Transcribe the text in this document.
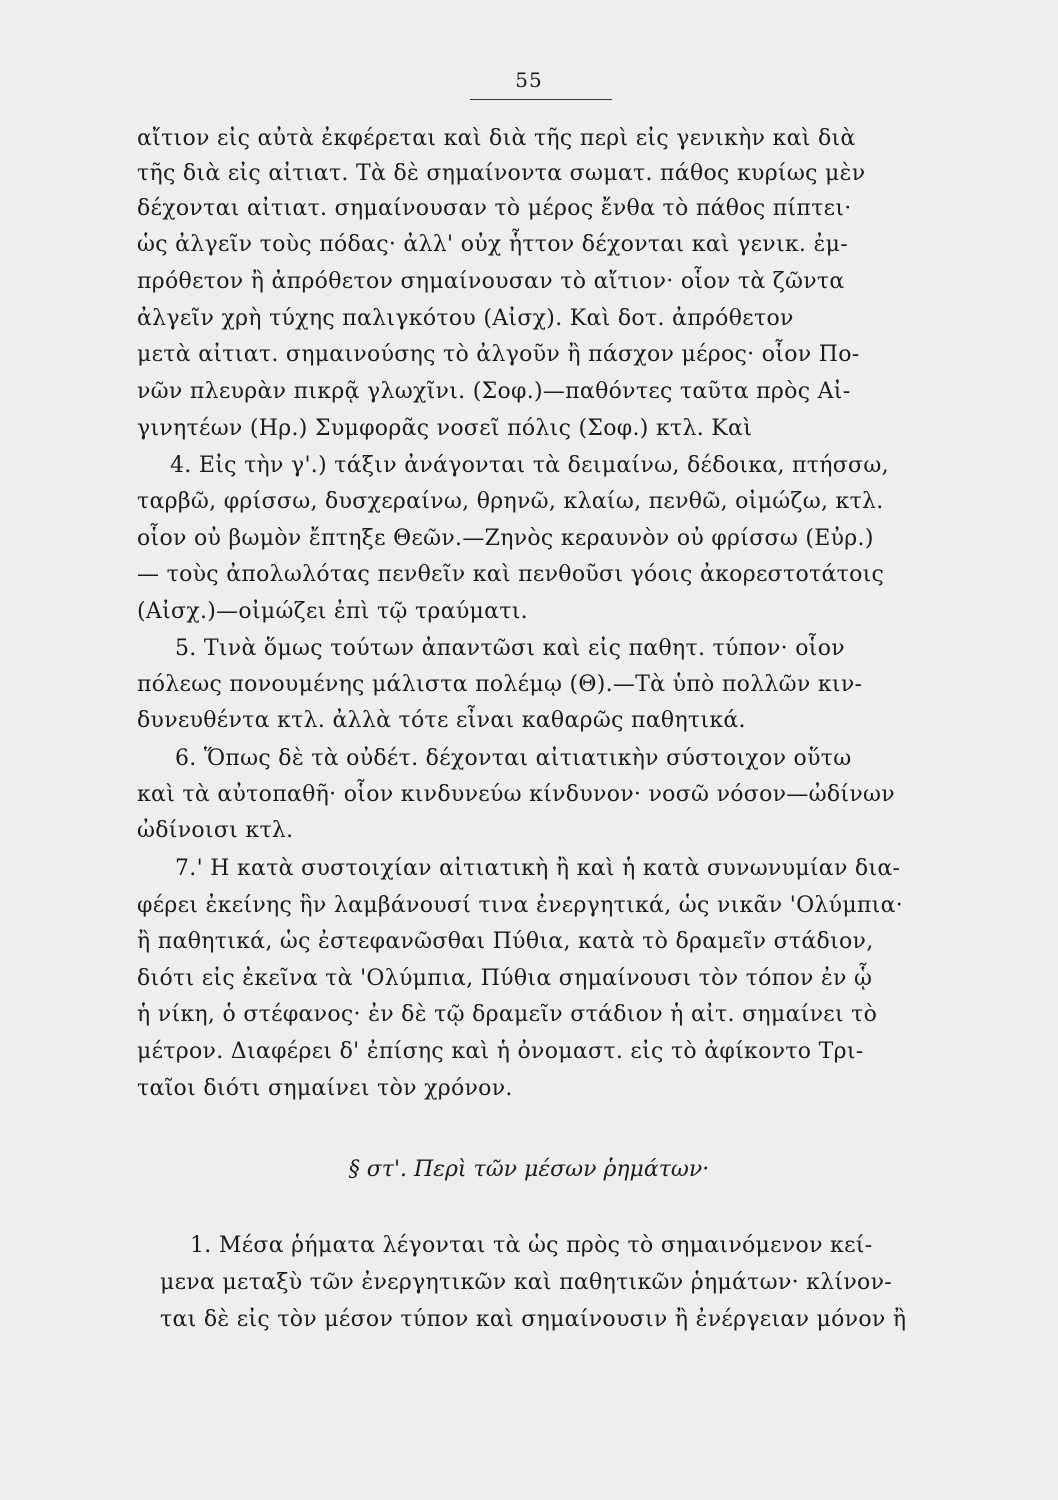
55
αἴτιον εἰς αὐτὰ ἐκφέρεται καὶ διὰ τῆς περὶ εἰς γενικὴν καὶ διὰ
τῆς διὰ εἰς αἰτιατ. Τὰ δὲ σημαίνοντα σωματ. πάθος κυρίως μὲν
δέχονται αἰτιατ. σημαίνουσαν τὸ μέρος ἔνθα τὸ πάθος πίπτει·
ὡς ἀλγεῖν τοὺς πόδας· ἀλλ' οὐχ ἧττον δέχονται καὶ γενικ. ἐμ-
πρόθετον ἢ ἀπρόθετον σημαίνουσαν τὸ αἴτιον· οἷον τὰ ζῶντα
ἀλγεῖν χρὴ τύχης παλιγκότου (Αἰσχ). Καὶ δοτ. ἀπρόθετον
μετὰ αἰτιατ. σημαινούσης τὸ ἀλγοῦν ἢ πάσχον μέρος· οἷον Πο-
νῶν πλευρὰν πικρᾷ γλωχῖνι. (Σοφ.)—παθόντες ταῦτα πρὸς Αἰ-
γινητέων (Ηρ.) Συμφορᾶς νοσεῖ πόλις (Σοφ.) κτλ. Καὶ
4. Εἰς τὴν γ'.) τάξιν ἀνάγονται τὰ δειμαίνω, δέδοικα, πτήσσω,
ταρβῶ, φρίσσω, δυσχεραίνω, θρηνῶ, κλαίω, πενθῶ, οἰμώζω, κτλ.
οἷον οὐ βωμὸν ἔπτηξε Θεῶν.—Ζηνὸς κεραυνὸν οὐ φρίσσω (Εὐρ.)
— τοὺς ἀπολωλότας πενθεῖν καὶ πενθοῦσι γόοις ἀκορεστοτάτοις
(Αἰσχ.)—οἰμώζει ἐπὶ τῷ τραύματι.
5. Τινὰ ὅμως τούτων ἀπαντῶσι καὶ εἰς παθητ. τύπον· οἷον
πόλεως πονουμένης μάλιστα πολέμῳ (Θ).—Τὰ ὑπὸ πολλῶν κιν-
δυνευθέντα κτλ. ἀλλὰ τότε εἶναι καθαρῶς παθητικά.
6. Ὅπως δὲ τὰ οὐδέτ. δέχονται αἰτιατικὴν σύστοιχον οὕτω
καὶ τὰ αὐτοπαθῆ· οἷον κινδυνεύω κίνδυνον· νοσῶ νόσον—ὠδίνων
ὠδίνοισι κτλ.
7.' Η κατὰ συστοιχίαν αἰτιατικὴ ἢ καὶ ἡ κατὰ συνωνυμίαν δια-
φέρει ἐκείνης ἣν λαμβάνουσί τινα ἐνεργητικά, ὡς νικᾶν 'Ολύμπια·
ἢ παθητικά, ὡς ἐστεφανῶσθαι Πύθια, κατὰ τὸ δραμεῖν στάδιον,
διότι εἰς ἐκεῖνα τὰ 'Ολύμπια, Πύθια σημαίνουσι τὸν τόπον ἐν ᾧ
ἡ νίκη, ὁ στέφανος· ἐν δὲ τῷ δραμεῖν στάδιον ἡ αἰτ. σημαίνει τὸ
μέτρον. Διαφέρει δ' ἐπίσης καὶ ἡ ὀνομαστ. εἰς τὸ ἀφίκοντο Τρι-
ταῖοι διότι σημαίνει τὸν χρόνον.
§ στ'. Περὶ τῶν μέσων ῥημάτων·
1. Μέσα ῥήματα λέγονται τὰ ὡς πρὸς τὸ σημαινόμενον κεί-
μενα μεταξὺ τῶν ἐνεργητικῶν καὶ παθητικῶν ῥημάτων· κλίνον-
ται δὲ εἰς τὸν μέσον τύπον καὶ σημαίνουσιν ἢ ἐνέργειαν μόνον ἢ
